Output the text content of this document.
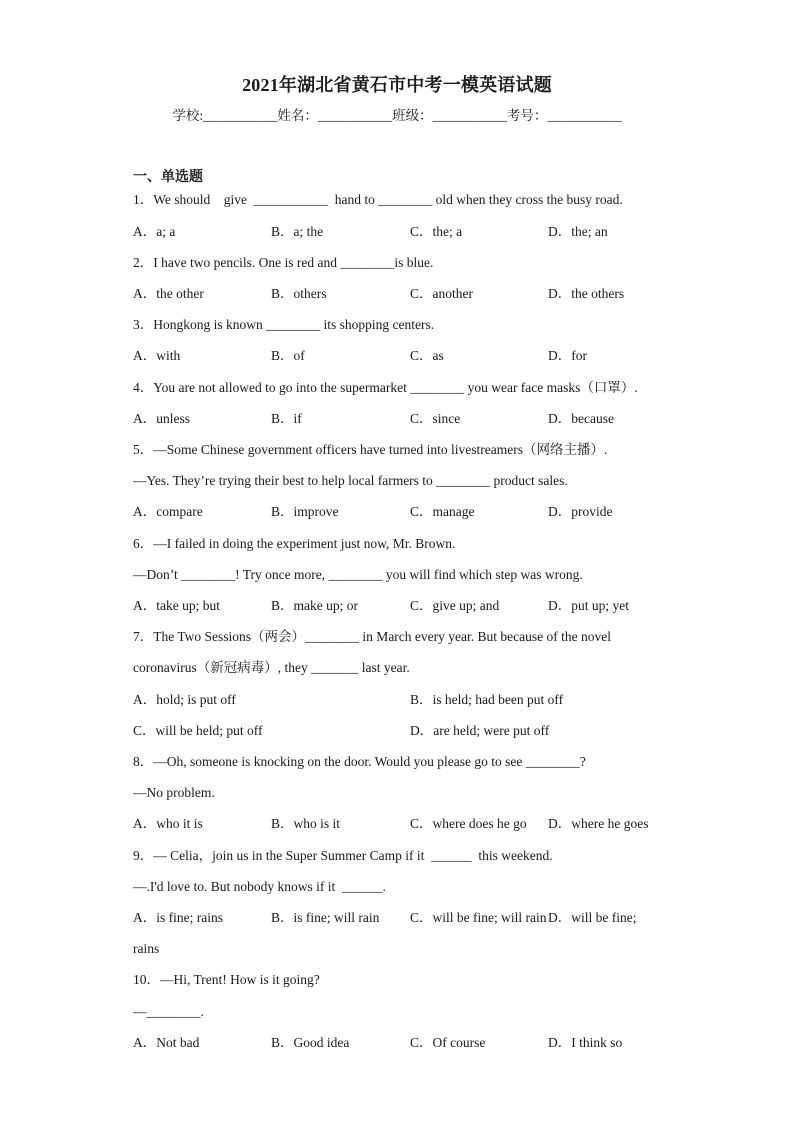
2021年湖北省黄石市中考一模英语试题
学校:___________姓名：___________班级：___________考号：___________
一、单选题
1．We should    give  ___________  hand to ________ old when they cross the busy road.
A．a; a	B．a; the	C．the; a	D．the; an
2．I have two pencils. One is red and ________is blue.
A．the other	B．others	C．another	D．the others
3．Hongkong is known ________ its shopping centers.
A．with	B．of	C．as	D．for
4．You are not allowed to go into the supermarket ________ you wear face masks（口罩）.
A．unless	B．if	C．since	D．because
5．—Some Chinese government officers have turned into livestreamers（网络主播）.
—Yes. They’re trying their best to help local farmers to ________ product sales.
A．compare	B．improve	C．manage	D．provide
6．—I failed in doing the experiment just now, Mr. Brown.
—Don’t ________! Try once more, ________ you will find which step was wrong.
A．take up; but	B．make up; or	C．give up; and	D．put up; yet
7．The Two Sessions（两会）________ in March every year. But because of the novel
coronavirus（新冠病毒）, they _______ last year.
A．hold; is put off	B．is held; had been put off
C．will be held; put off	D．are held; were put off
8．—Oh, someone is knocking on the door. Would you please go to see ________?
—No problem.
A．who it is	B．who is it	C．where does he go D．where he goes
9．— Celia，join us in the Super Summer Camp if it  ______  this weekend.
—.I'd love to. But nobody knows if it  ______.
A．is fine; rains	B．is fine; will rain C．will be fine; will rain D．will be fine;
rains
10．—Hi, Trent! How is it going?
—________.
A．Not bad	B．Good idea	C．Of course	D．I think so
